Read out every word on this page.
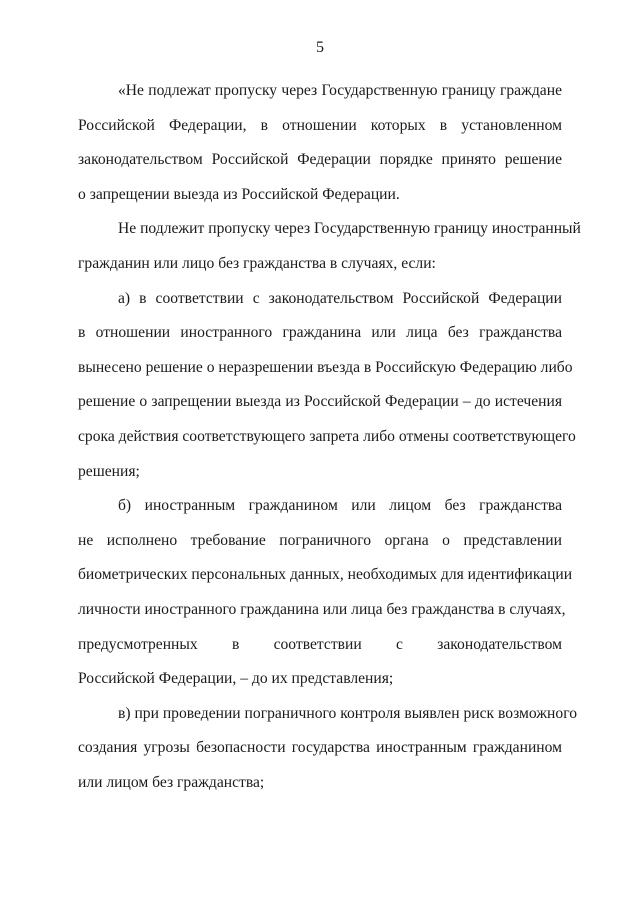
5
«Не подлежат пропуску через Государственную границу граждане
Российской Федерации, в отношении которых в установленном
законодательством Российской Федерации порядке принято решение
о запрещении выезда из Российской Федерации.
Не подлежит пропуску через Государственную границу иностранный
гражданин или лицо без гражданства в случаях, если:
а) в соответствии с законодательством Российской Федерации
в отношении иностранного гражданина или лица без гражданства
вынесено решение о неразрешении въезда в Российскую Федерацию либо
решение о запрещении выезда из Российской Федерации – до истечения
срока действия соответствующего запрета либо отмены соответствующего
решения;
б) иностранным гражданином или лицом без гражданства
не исполнено требование пограничного органа о представлении
биометрических персональных данных, необходимых для идентификации
личности иностранного гражданина или лица без гражданства в случаях,
предусмотренных в соответствии с законодательством
Российской Федерации, – до их представления;
в) при проведении пограничного контроля выявлен риск возможного
создания угрозы безопасности государства иностранным гражданином
или лицом без гражданства;
